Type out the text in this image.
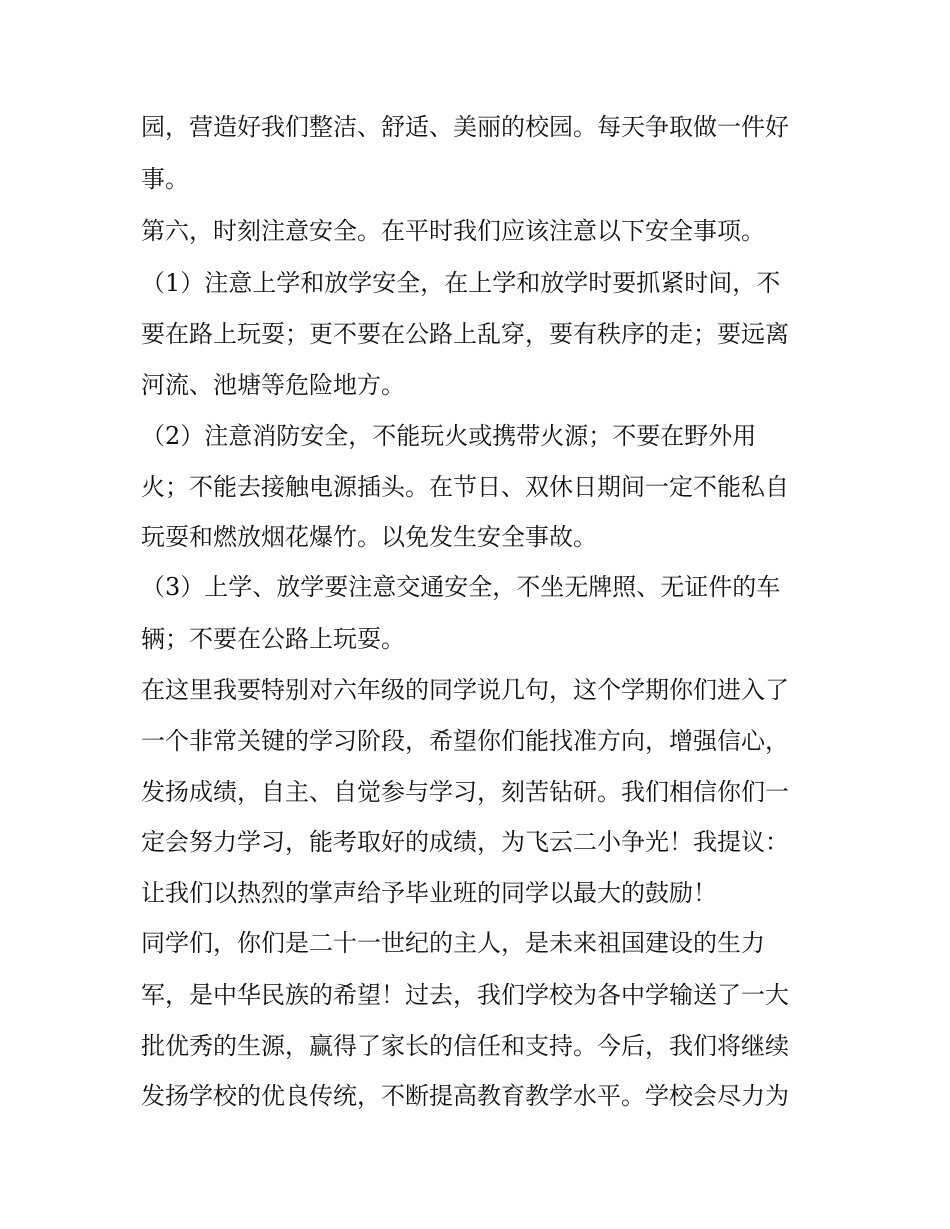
园，营造好我们整洁、舒适、美丽的校园。每天争取做一件好
事。
第六，时刻注意安全。在平时我们应该注意以下安全事项。
（1）注意上学和放学安全，在上学和放学时要抓紧时间，不
要在路上玩耍；更不要在公路上乱穿，要有秩序的走；要远离
河流、池塘等危险地方。
（2）注意消防安全，不能玩火或携带火源；不要在野外用
火；不能去接触电源插头。在节日、双休日期间一定不能私自
玩耍和燃放烟花爆竹。以免发生安全事故。
（3）上学、放学要注意交通安全，不坐无牌照、无证件的车
辆；不要在公路上玩耍。
在这里我要特别对六年级的同学说几句，这个学期你们进入了
一个非常关键的学习阶段，希望你们能找准方向，增强信心，
发扬成绩，自主、自觉参与学习，刻苦钻研。我们相信你们一
定会努力学习，能考取好的成绩，为飞云二小争光！我提议：
让我们以热烈的掌声给予毕业班的同学以最大的鼓励！
同学们，你们是二十一世纪的主人，是未来祖国建设的生力
军，是中华民族的希望！过去，我们学校为各中学输送了一大
批优秀的生源，赢得了家长的信任和支持。今后，我们将继续
发扬学校的优良传统，不断提高教育教学水平。学校会尽力为
